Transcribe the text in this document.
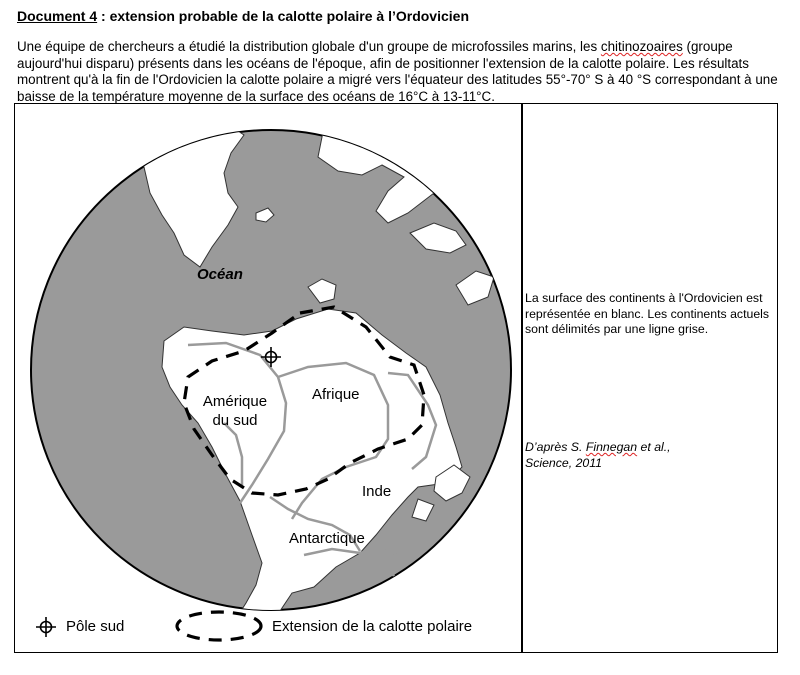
Document 4 : extension probable de la calotte polaire à l’Ordovicien

Une équipe de chercheurs a étudié la distribution globale d'un groupe de microfossiles marins, les chitinozoaires (groupe aujourd'hui disparu) présents dans les océans de l'époque, afin de positionner l'extension de la calotte polaire. Les résultats montrent qu'à la fin de l'Ordovicien la calotte polaire a migré vers l'équateur des latitudes 55°-70° S à 40 °S correspondant à une baisse de la température moyenne de la surface des océans de 16°C à 13-11°C.

Océan
Amérique
du sud
Afrique
Inde
Antarctique
Pôle sud	Extension de la calotte polaire

La surface des continents à l'Ordovicien est représentée en blanc. Les continents actuels sont délimités par une ligne grise.

D’après S. Finnegan et al.,
Science, 2011
